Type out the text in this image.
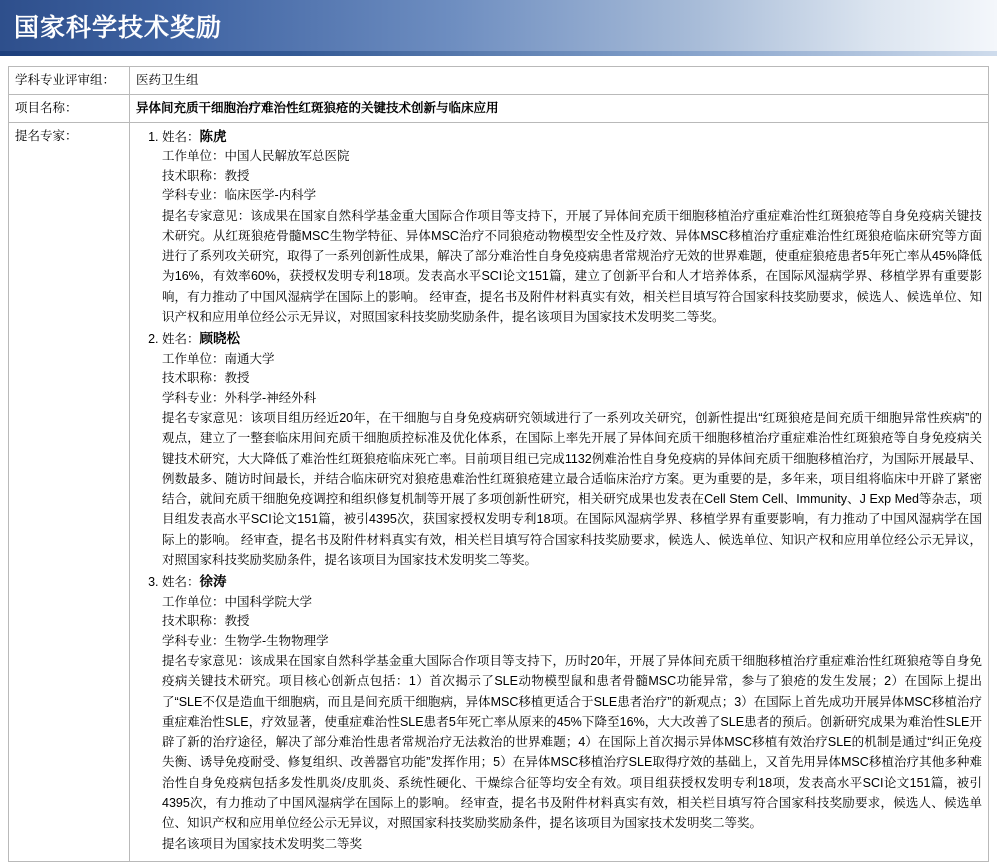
国家科学技术奖励
学科专业评审组：	医药卫生组
项目名称：	异体间充质干细胞治疗难治性红斑狼疮的关键技术创新与临床应用
提名专家：	
1.姓名：陈虎
工作单位：中国人民解放军总医院
技术职称：教授
学科专业：临床医学-内科学
提名专家意见：该成果在国家自然科学基金重大国际合作项目等支持下，开展了异体间充质干细胞移植治疗重症难治性红斑狼疮等自身免疫病关键技术研究。从红斑狼疮骨髓MSC生物学特征、异体MSC治疗不同狼疮动物模型安全性及疗效、异体MSC移植治疗重症难治性红斑狼疮临床研究等方面进行了系列攻关研究，取得了一系列创新性成果，解决了部分难治性自身免疫病患者常规治疗无效的世界难题，使重症狼疮患者5年死亡率从45%降低为16%，有效率60%，获授权发明专利18项。发表高水平SCI论文151篇，建立了创新平台和人才培养体系，在国际风湿病学界、移植学界有重要影响，有力推动了中国风湿病学在国际上的影响。 经审查，提名书及附件材料真实有效，相关栏目填写符合国家科技奖励要求，候选人、候选单位、知识产权和应用单位经公示无异议，对照国家科技奖励奖励条件，提名该项目为国家技术发明奖二等奖。
2. 姓名：顾晓松
工作单位：南通大学
技术职称：教授
学科专业：外科学-神经外科
提名专家意见：该项目组历经近20年，在干细胞与自身免疫病研究领域进行了一系列攻关研究，创新性提出“红斑狼疮是间充质干细胞异常性疾病”的观点，建立了一整套临床用间充质干细胞质控标准及优化体系，在国际上率先开展了异体间充质干细胞移植治疗重症难治性红斑狼疮等自身免疫病关键技术研究，大大降低了难治性红斑狼疮临床死亡率。目前项目组已完成1132例难治性自身免疫病的异体间充质干细胞移植治疗，为国际开展最早、例数最多、随访时间最长，并结合临床研究对狼疮患难治性红斑狼疮建立最合适临床治疗方案。更为重要的是，多年来，项目组将临床中开辟了紧密结合，就间充质干细胞免疫调控和组织修复机制等开展了多项创新性研究，相关研究成果也发表在Cell Stem Cell、Immunity、J Exp Med等杂志，项目组发表高水平SCI论文151篇，被引4395次，获国家授权发明专利18项。在国际风湿病学界、移植学界有重要影响，有力推动了中国风湿病学在国际上的影响。 经审查，提名书及附件材料真实有效，相关栏目填写符合国家科技奖励要求，候选人、候选单位、知识产权和应用单位经公示无异议，对照国家科技奖励奖励条件，提名该项目为国家技术发明奖二等奖。
3. 姓名：徐涛
工作单位：中国科学院大学
技术职称：教授
学科专业：生物学-生物物理学
提名专家意见：该成果在国家自然科学基金重大国际合作项目等支持下，历时20年，开展了异体间充质干细胞移植治疗重症难治性红斑狼疮等自身免疫病关键技术研究。项目核心创新点包括：1）首次揭示了SLE动物模型鼠和患者骨髓MSC功能异常，参与了狼疮的发生发展；2）在国际上提出了“SLE不仅是造血干细胞病，而且是间充质干细胞病，异体MSC移植更适合于SLE患者治疗”的新观点；3）在国际上首先成功开展异体MSC移植治疗重症难治性SLE，疗效显著，使重症难治性SLE患者5年死亡率从原来的45%下降至16%，大大改善了SLE患者的预后。创新研究成果为难治性SLE开辟了新的治疗途径，解决了部分难治性患者常规治疗无法救治的世界难题；4）在国际上首次揭示异体MSC移植有效治疗SLE的机制是通过“纠正免疫失衡、诱导免疫耐受、修复组织、改善器官功能”发挥作用；5）在异体MSC移植治疗SLE取得疗效的基础上，又首先用异体MSC移植治疗其他多种难治性自身免疫病包括多发性肌炎/皮肌炎、系统性硬化、干燥综合征等均安全有效。项目组获授权发明专利18项，发表高水平SCI论文151篇，被引4395次，有力推动了中国风湿病学在国际上的影响。 经审查，提名书及附件材料真实有效，相关栏目填写符合国家科技奖励要求，候选人、候选单位、知识产权和应用单位经公示无异议，对照国家科技奖励奖励条件，提名该项目为国家技术发明奖二等奖。
提名该项目为国家技术发明奖二等奖
